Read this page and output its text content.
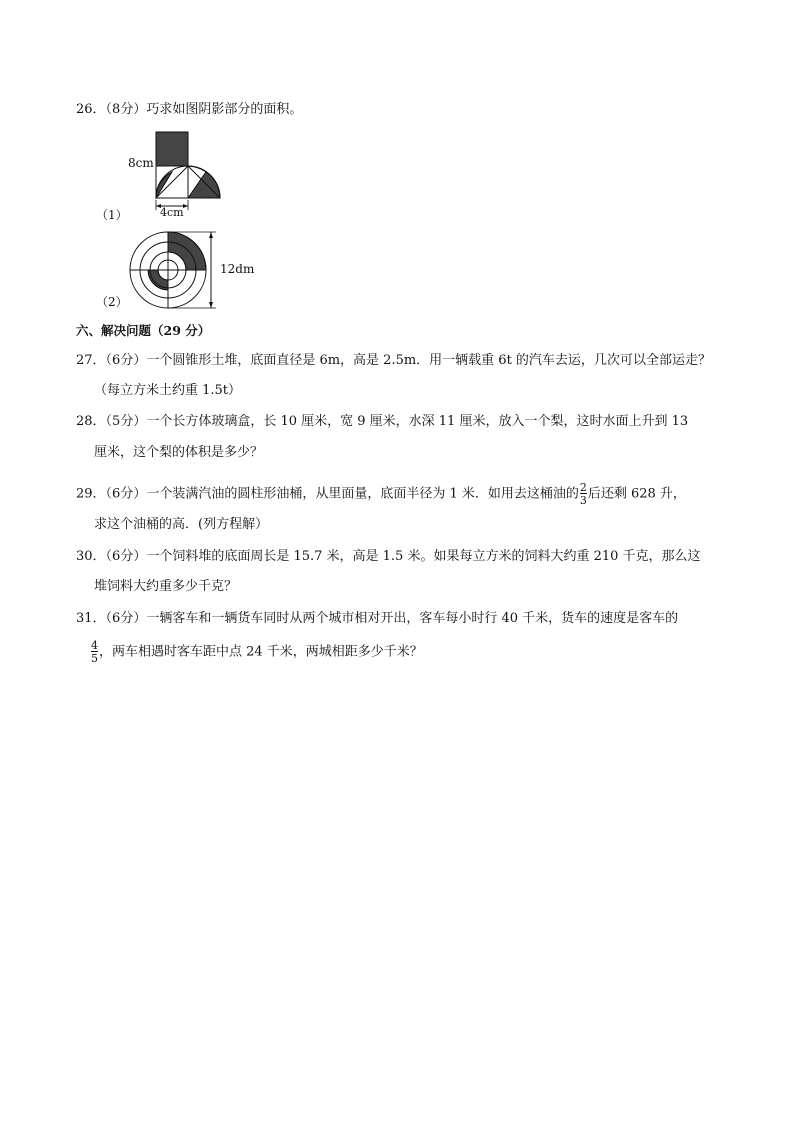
26．（8分）巧求如图阴影部分的面积。
8cm
4cm
（1）
12dm
（2）
六、解决问题（29 分）
27．（6分）一个圆锥形土堆，底面直径是 6m，高是 2.5m．用一辆载重 6t 的汽车去运，几次可以全部运走？
（每立方米土约重 1.5t）
28．（5分）一个长方体玻璃盒，长 10 厘米，宽 9 厘米，水深 11 厘米，放入一个梨，这时水面上升到 13
厘米，这个梨的体积是多少？
29．（6分）一个装满汽油的圆柱形油桶，从里面量，底面半径为 1 米．如用去这桶油的 $\frac{2}{3}$ 后还剩 628 升，
求这个油桶的高．(列方程解）
30．（6分）一个饲料堆的底面周长是 15.7 米，高是 1.5 米。如果每立方米的饲料大约重 210 千克，那么这
堆饲料大约重多少千克？
31．（6分）一辆客车和一辆货车同时从两个城市相对开出，客车每小时行 40 千米，货车的速度是客车的
$\frac{4}{5}$ ，两车相遇时客车距中点 24 千米，两城相距多少千米？
